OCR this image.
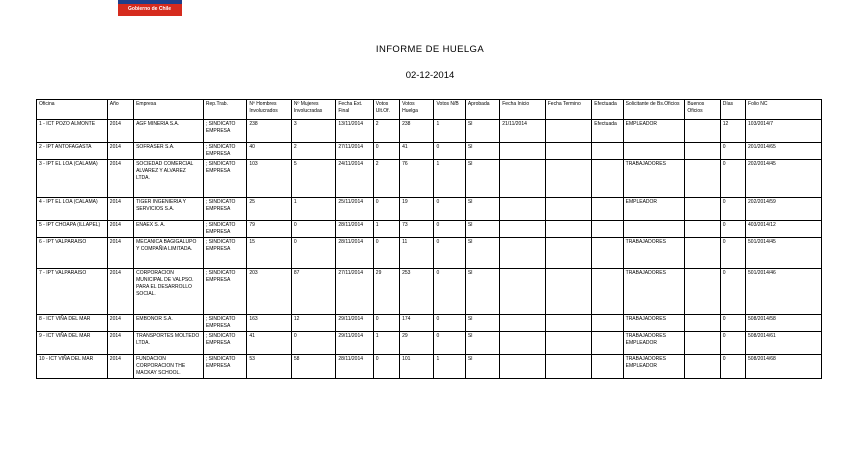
Gobierno de Chile
INFORME DE HUELGA
02-12-2014
Oficina	Año	Empresa	Rep.Trab.	Nº Hombres Involucrados	Nº Mujeres Involucradas	Fecha Ext. Final	Votos Ult.Of.	Votos Huelga	Votos N/B	Aprobada	Fecha Inicio	Fecha Termino	Efectuada	Solicitante de Bs.Oficios	Buenos Oficios	Días	Folio NC
1 - ICT POZO ALMONTE	2014	AGF MINERIA S.A.	; SINDICATO EMPRESA	238	3	13/11/2014	2	238	1	SI	21/11/2014		Efectuada	EMPLEADOR		12	103/2014/7
2 - IPT ANTOFAGASTA	2014	SOFRASER S.A.	; SINDICATO EMPRESA	40	2	27/11/2014	0	41	0	SI						0	201/2014/65
3 - IPT EL LOA (CALAMA)	2014	SOCIEDAD COMERCIAL ALVAREZ Y ALVAREZ LTDA.	; SINDICATO EMPRESA	103	5	24/11/2014	2	76	1	SI				TRABAJADORES		0	202/2014/45
4 - IPT EL LOA (CALAMA)	2014	TIGER INGENIERIA Y SERVICIOS S.A.	; SINDICATO EMPRESA	25	1	25/11/2014	0	19	0	SI				EMPLEADOR		0	202/2014/59
5 - IPT CHOAPA (ILLAPEL)	2014	ENAEX S. A.	; SINDICATO EMPRESA	79	0	28/11/2014	1	73	0	SI						0	403/2014/12
6 - IPT VALPARAISO	2014	MECANICA BAGIGALUPO Y COMPAÑIA LIMITADA.	; SINDICATO EMPRESA	15	0	28/11/2014	0	11	0	SI				TRABAJADORES		0	501/2014/45
7 - IPT VALPARAISO	2014	CORPORACION MUNICIPAL DE VALPSO. PARA EL DESARROLLO SOCIAL.	; SINDICATO EMPRESA	203	87	27/11/2014	29	253	0	SI				TRABAJADORES		0	501/2014/46
8 - ICT VIÑA DEL MAR	2014	EMBONOR S.A.	; SINDICATO EMPRESA	163	12	29/11/2014	0	174	0	SI				TRABAJADORES		0	508/2014/58
9 - ICT VIÑA DEL MAR	2014	TRANSPORTES MOLTEDO LTDA.	; SINDICATO EMPRESA	41	0	29/11/2014	1	29	0	SI				TRABAJADORES EMPLEADOR		0	508/2014/61
10 - ICT VIÑA DEL MAR	2014	FUNDACION CORPORACION THE MACKAY SCHOOL.	; SINDICATO EMPRESA	53	58	28/11/2014	0	101	1	SI				TRABAJADORES EMPLEADOR		0	508/2014/68
